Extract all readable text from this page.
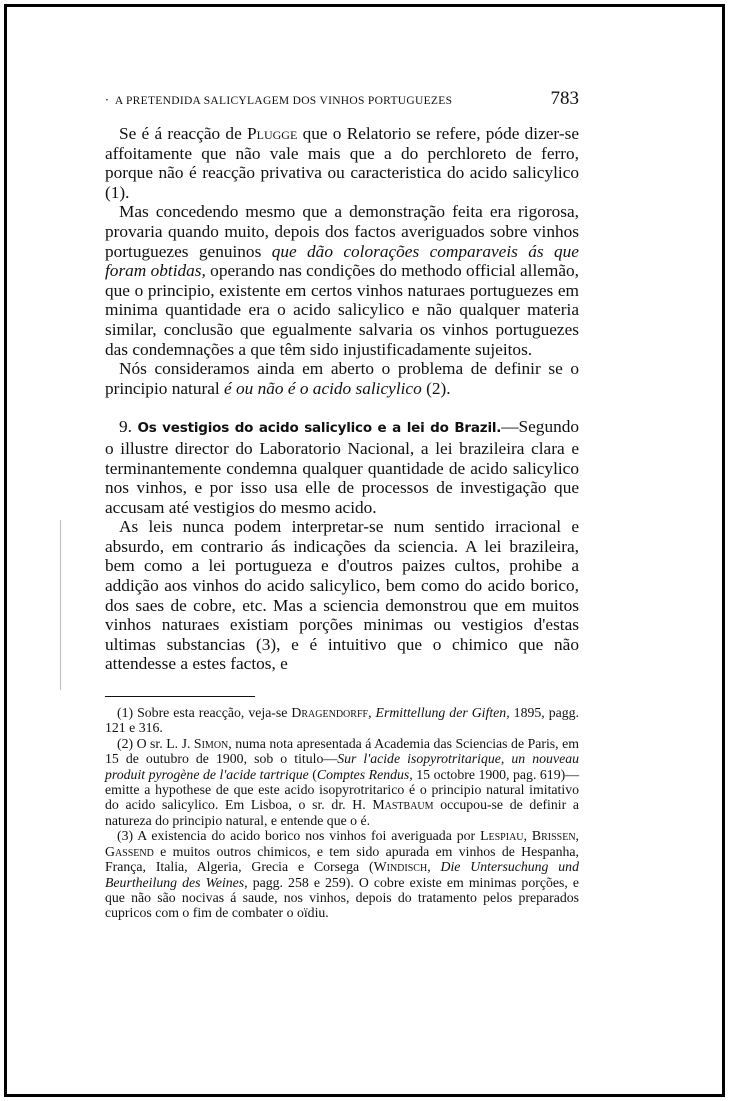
· A PRETENDIDA SALICYLAGEM DOS VINHOS PORTUGUEZES	783

Se é á reacção de Plugge que o Relatorio se refere, póde dizer-se affoitamente que não vale mais que a do perchloreto de ferro, porque não é reacção privativa ou caracteristica do acido salicylico (1).

Mas concedendo mesmo que a demonstração feita era rigorosa, provaria quando muito, depois dos factos averiguados sobre vinhos portuguezes genuinos que dão colorações comparaveis ás que foram obtidas, operando nas condições do methodo official allemão, que o principio, existente em certos vinhos naturaes portuguezes em minima quantidade era o acido salicylico e não qualquer materia similar, conclusão que egualmente salvaria os vinhos portuguezes das condemnações a que têm sido injustificadamente sujeitos.

Nós consideramos ainda em aberto o problema de definir se o principio natural é ou não é o acido salicylico (2).

9. Os vestigios do acido salicylico e a lei do Brazil.—Segundo o illustre director do Laboratorio Nacional, a lei brazileira clara e terminantemente condemna qualquer quantidade de acido salicylico nos vinhos, e por isso usa elle de processos de investigação que accusam até vestigios do mesmo acido.

As leis nunca podem interpretar-se num sentido irracional e absurdo, em contrario ás indicações da sciencia. A lei brazileira, bem como a lei portugueza e d'outros paizes cultos, prohibe a addição aos vinhos do acido salicylico, bem como do acido borico, dos saes de cobre, etc. Mas a sciencia demonstrou que em muitos vinhos naturaes existiam porções minimas ou vestigios d'estas ultimas substancias (3), e é intuitivo que o chimico que não attendesse a estes factos, e

(1) Sobre esta reacção, veja-se Dragendorff, Ermittellung der Giften, 1895, pagg. 121 e 316.

(2) O sr. L. J. Simon, numa nota apresentada á Academia das Sciencias de Paris, em 15 de outubro de 1900, sob o titulo—Sur l'acide isopyrotritarique, un nouveau produit pyrogène de l'acide tartrique (Comptes Rendus, 15 octobre 1900, pag. 619)—emitte a hypothese de que este acido isopyrotritarico é o principio natural imitativo do acido salicylico. Em Lisboa, o sr. dr. H. Mastbaum occupou-se de definir a natureza do principio natural, e entende que o é.

(3) A existencia do acido borico nos vinhos foi averiguada por Lespiau, Brissen, Gassend e muitos outros chimicos, e tem sido apurada em vinhos de Hespanha, França, Italia, Algeria, Grecia e Corsega (Windisch, Die Untersuchung und Beurtheilung des Weines, pagg. 258 e 259). O cobre existe em minimas porções, e que não são nocivas á saude, nos vinhos, depois do tratamento pelos preparados cupricos com o fim de combater o oïdiu.
